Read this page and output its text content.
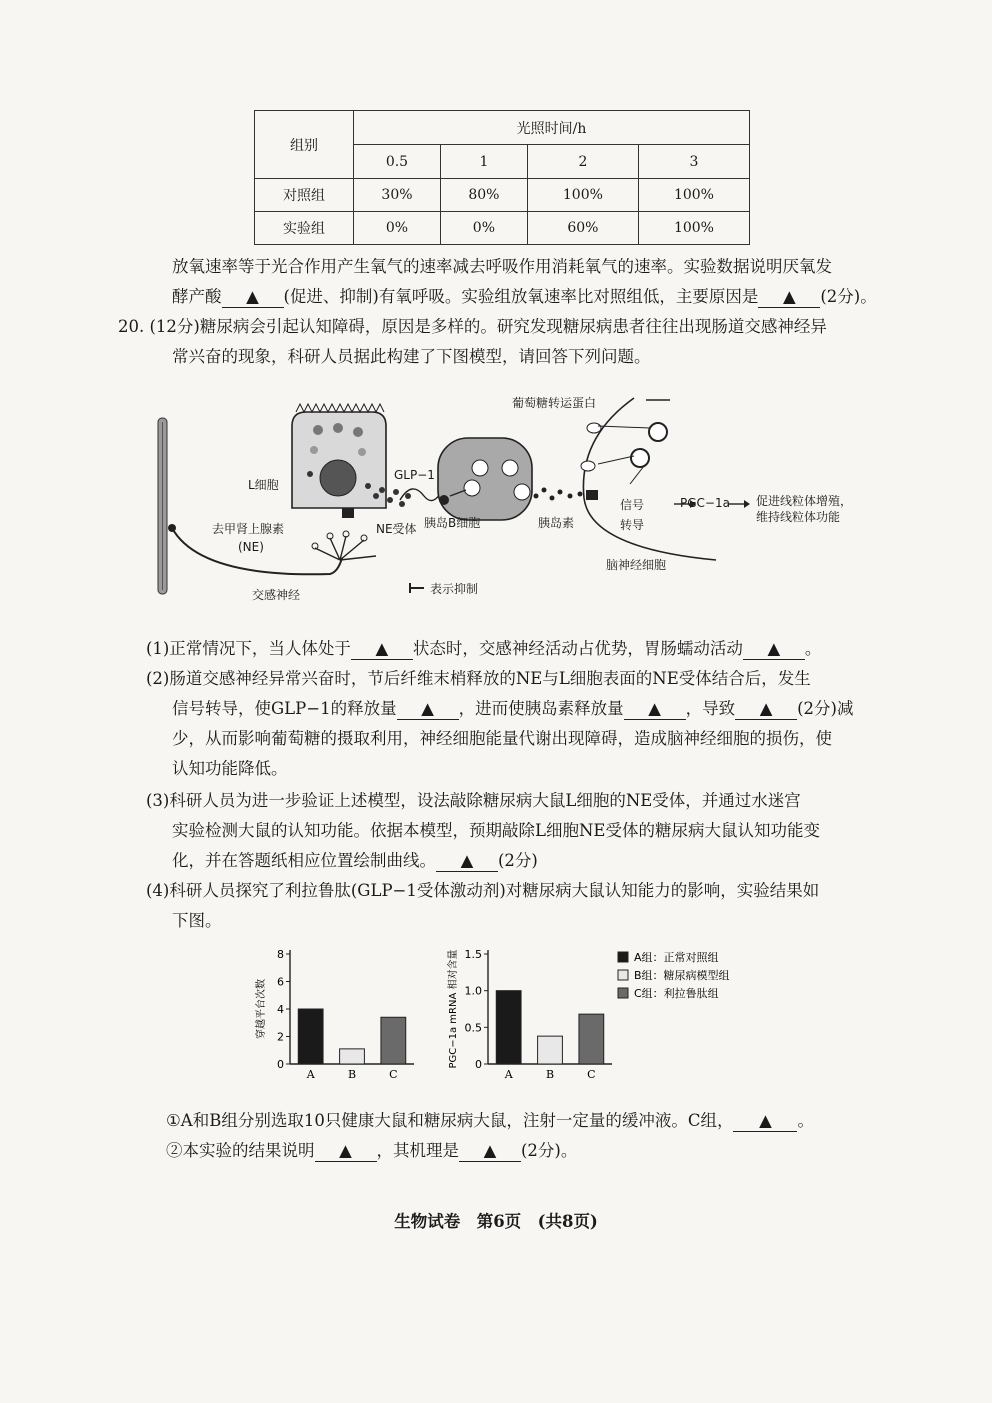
组别	光照时间/h			
	0.5	1	2	3
对照组	30%	80%	100%	100%
实验组	0%	0%	60%	100%
放氧速率等于光合作用产生氧气的速率减去呼吸作用消耗氧气的速率。实验数据说明厌氧发
酵产酸 ▲ (促进、抑制)有氧呼吸。实验组放氧速率比对照组低，主要原因是 ▲ (2分)。
20. (12分)糖尿病会引起认知障碍，原因是多样的。研究发现糖尿病患者往往出现肠道交感神经异
常兴奋的现象，科研人员据此构建了下图模型，请回答下列问题。
葡萄糖转运蛋白
L细胞
GLP−1
去甲肾上腺素
(NE)
NE受体 胰岛B细胞	胰岛素
信号
转导
PGC−1a 促进线粒体增殖，
维持线粒体功能
脑神经细胞
交感神经	表示抑制
(1)正常情况下，当人体处于 ▲ 状态时，交感神经活动占优势，胃肠蠕动活动 ▲ 。
(2)肠道交感神经异常兴奋时，节后纤维末梢释放的NE与L细胞表面的NE受体结合后，发生
信号转导，使GLP−1的释放量 ▲ ，进而使胰岛素释放量 ▲ ，导致 ▲ (2分)减
少，从而影响葡萄糖的摄取利用，神经细胞能量代谢出现障碍，造成脑神经细胞的损伤，使
认知功能降低。
(3)科研人员为进一步验证上述模型，设法敲除糖尿病大鼠L细胞的NE受体，并通过水迷宫
实验检测大鼠的认知功能。依据本模型，预期敲除L细胞NE受体的糖尿病大鼠认知功能变
化，并在答题纸相应位置绘制曲线。 ▲ (2分)
(4)科研人员探究了利拉鲁肽(GLP−1受体激动剂)对糖尿病大鼠认知能力的影响，实验结果如
下图。
0
2
4
6
8
A	B	C
穿越平台次数
0
0.5
1.0
1.5
A	B	C
PGC−1a mRNA 相对含量	A组：正常对照组
B组：糖尿病模型组
C组：利拉鲁肽组
①A和B组分别选取10只健康大鼠和糖尿病大鼠，注射一定量的缓冲液。C组， ▲ 。
②本实验的结果说明 ▲ ，其机理是 ▲ (2分)。
生物试卷　第6页　(共8页)
